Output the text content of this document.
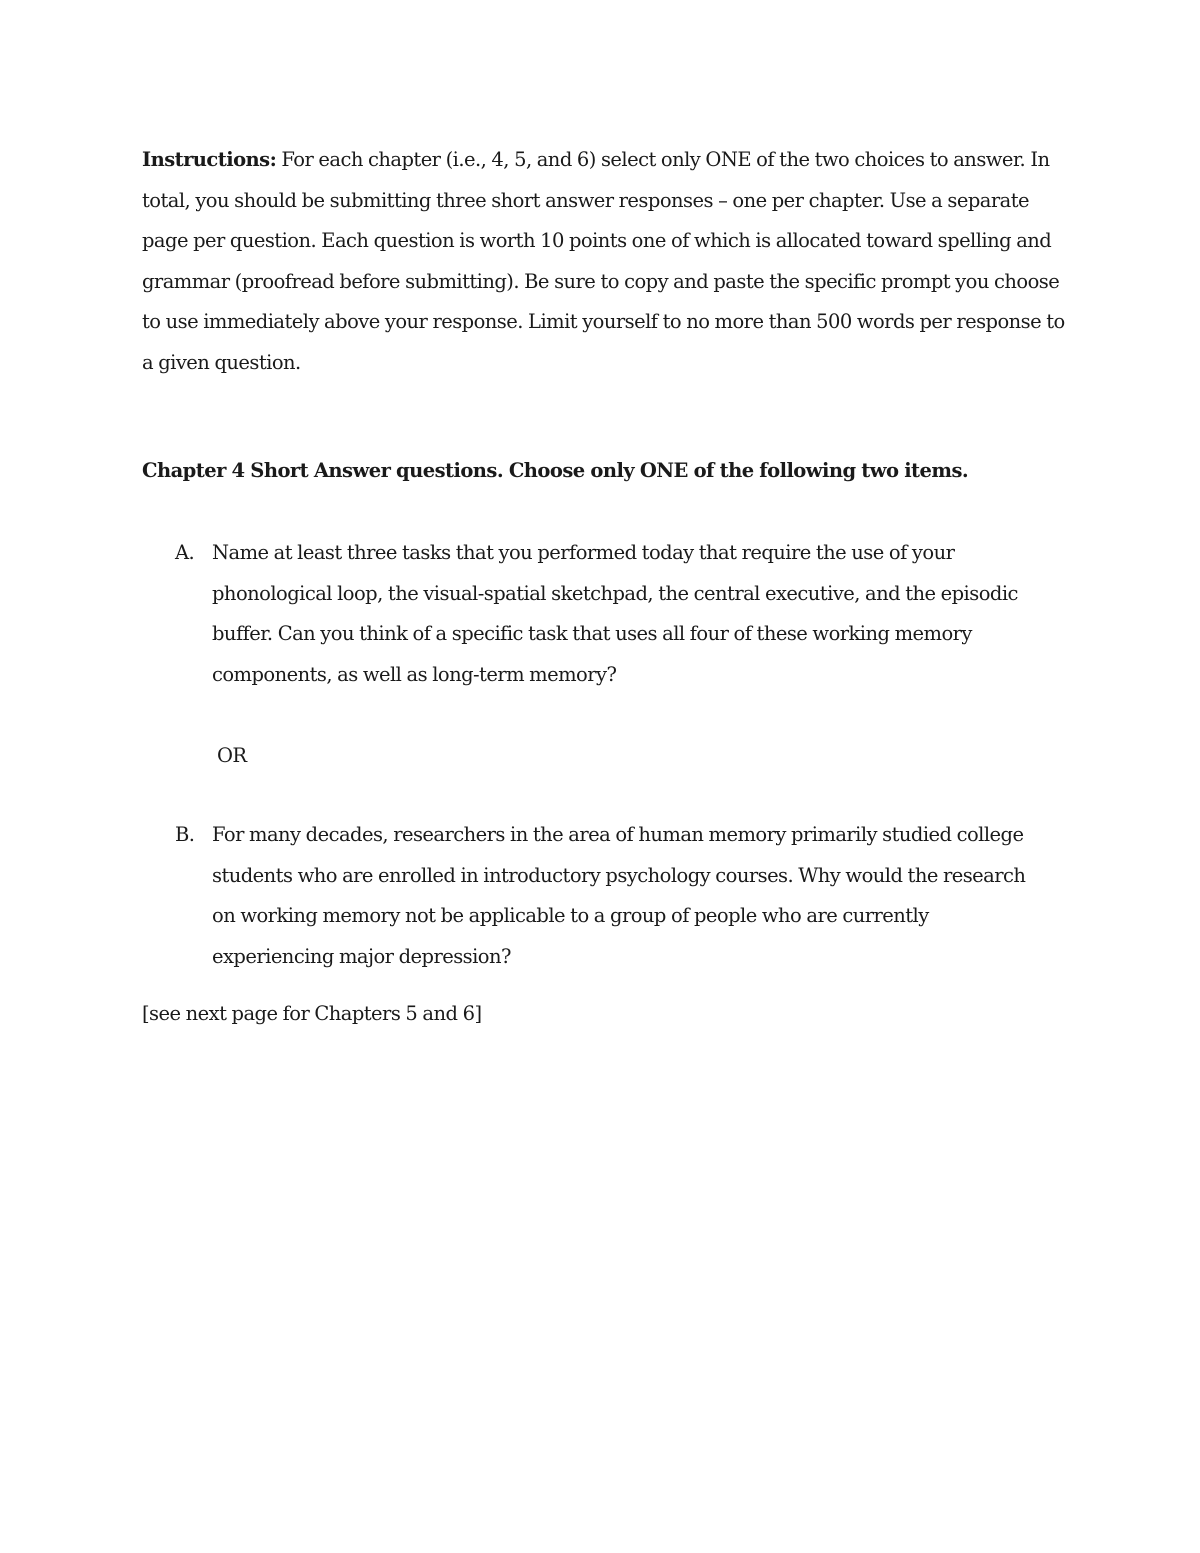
Instructions: For each chapter (i.e., 4, 5, and 6) select only ONE of the two choices to answer. In total, you should be submitting three short answer responses – one per chapter. Use a separate page per question. Each question is worth 10 points one of which is allocated toward spelling and grammar (proofread before submitting). Be sure to copy and paste the specific prompt you choose to use immediately above your response. Limit yourself to no more than 500 words per response to a given question.

Chapter 4 Short Answer questions. Choose only ONE of the following two items.

A. Name at least three tasks that you performed today that require the use of your phonological loop, the visual-spatial sketchpad, the central executive, and the episodic buffer. Can you think of a specific task that uses all four of these working memory components, as well as long-term memory?

OR

B. For many decades, researchers in the area of human memory primarily studied college students who are enrolled in introductory psychology courses. Why would the research on working memory not be applicable to a group of people who are currently experiencing major depression?

[see next page for Chapters 5 and 6]
